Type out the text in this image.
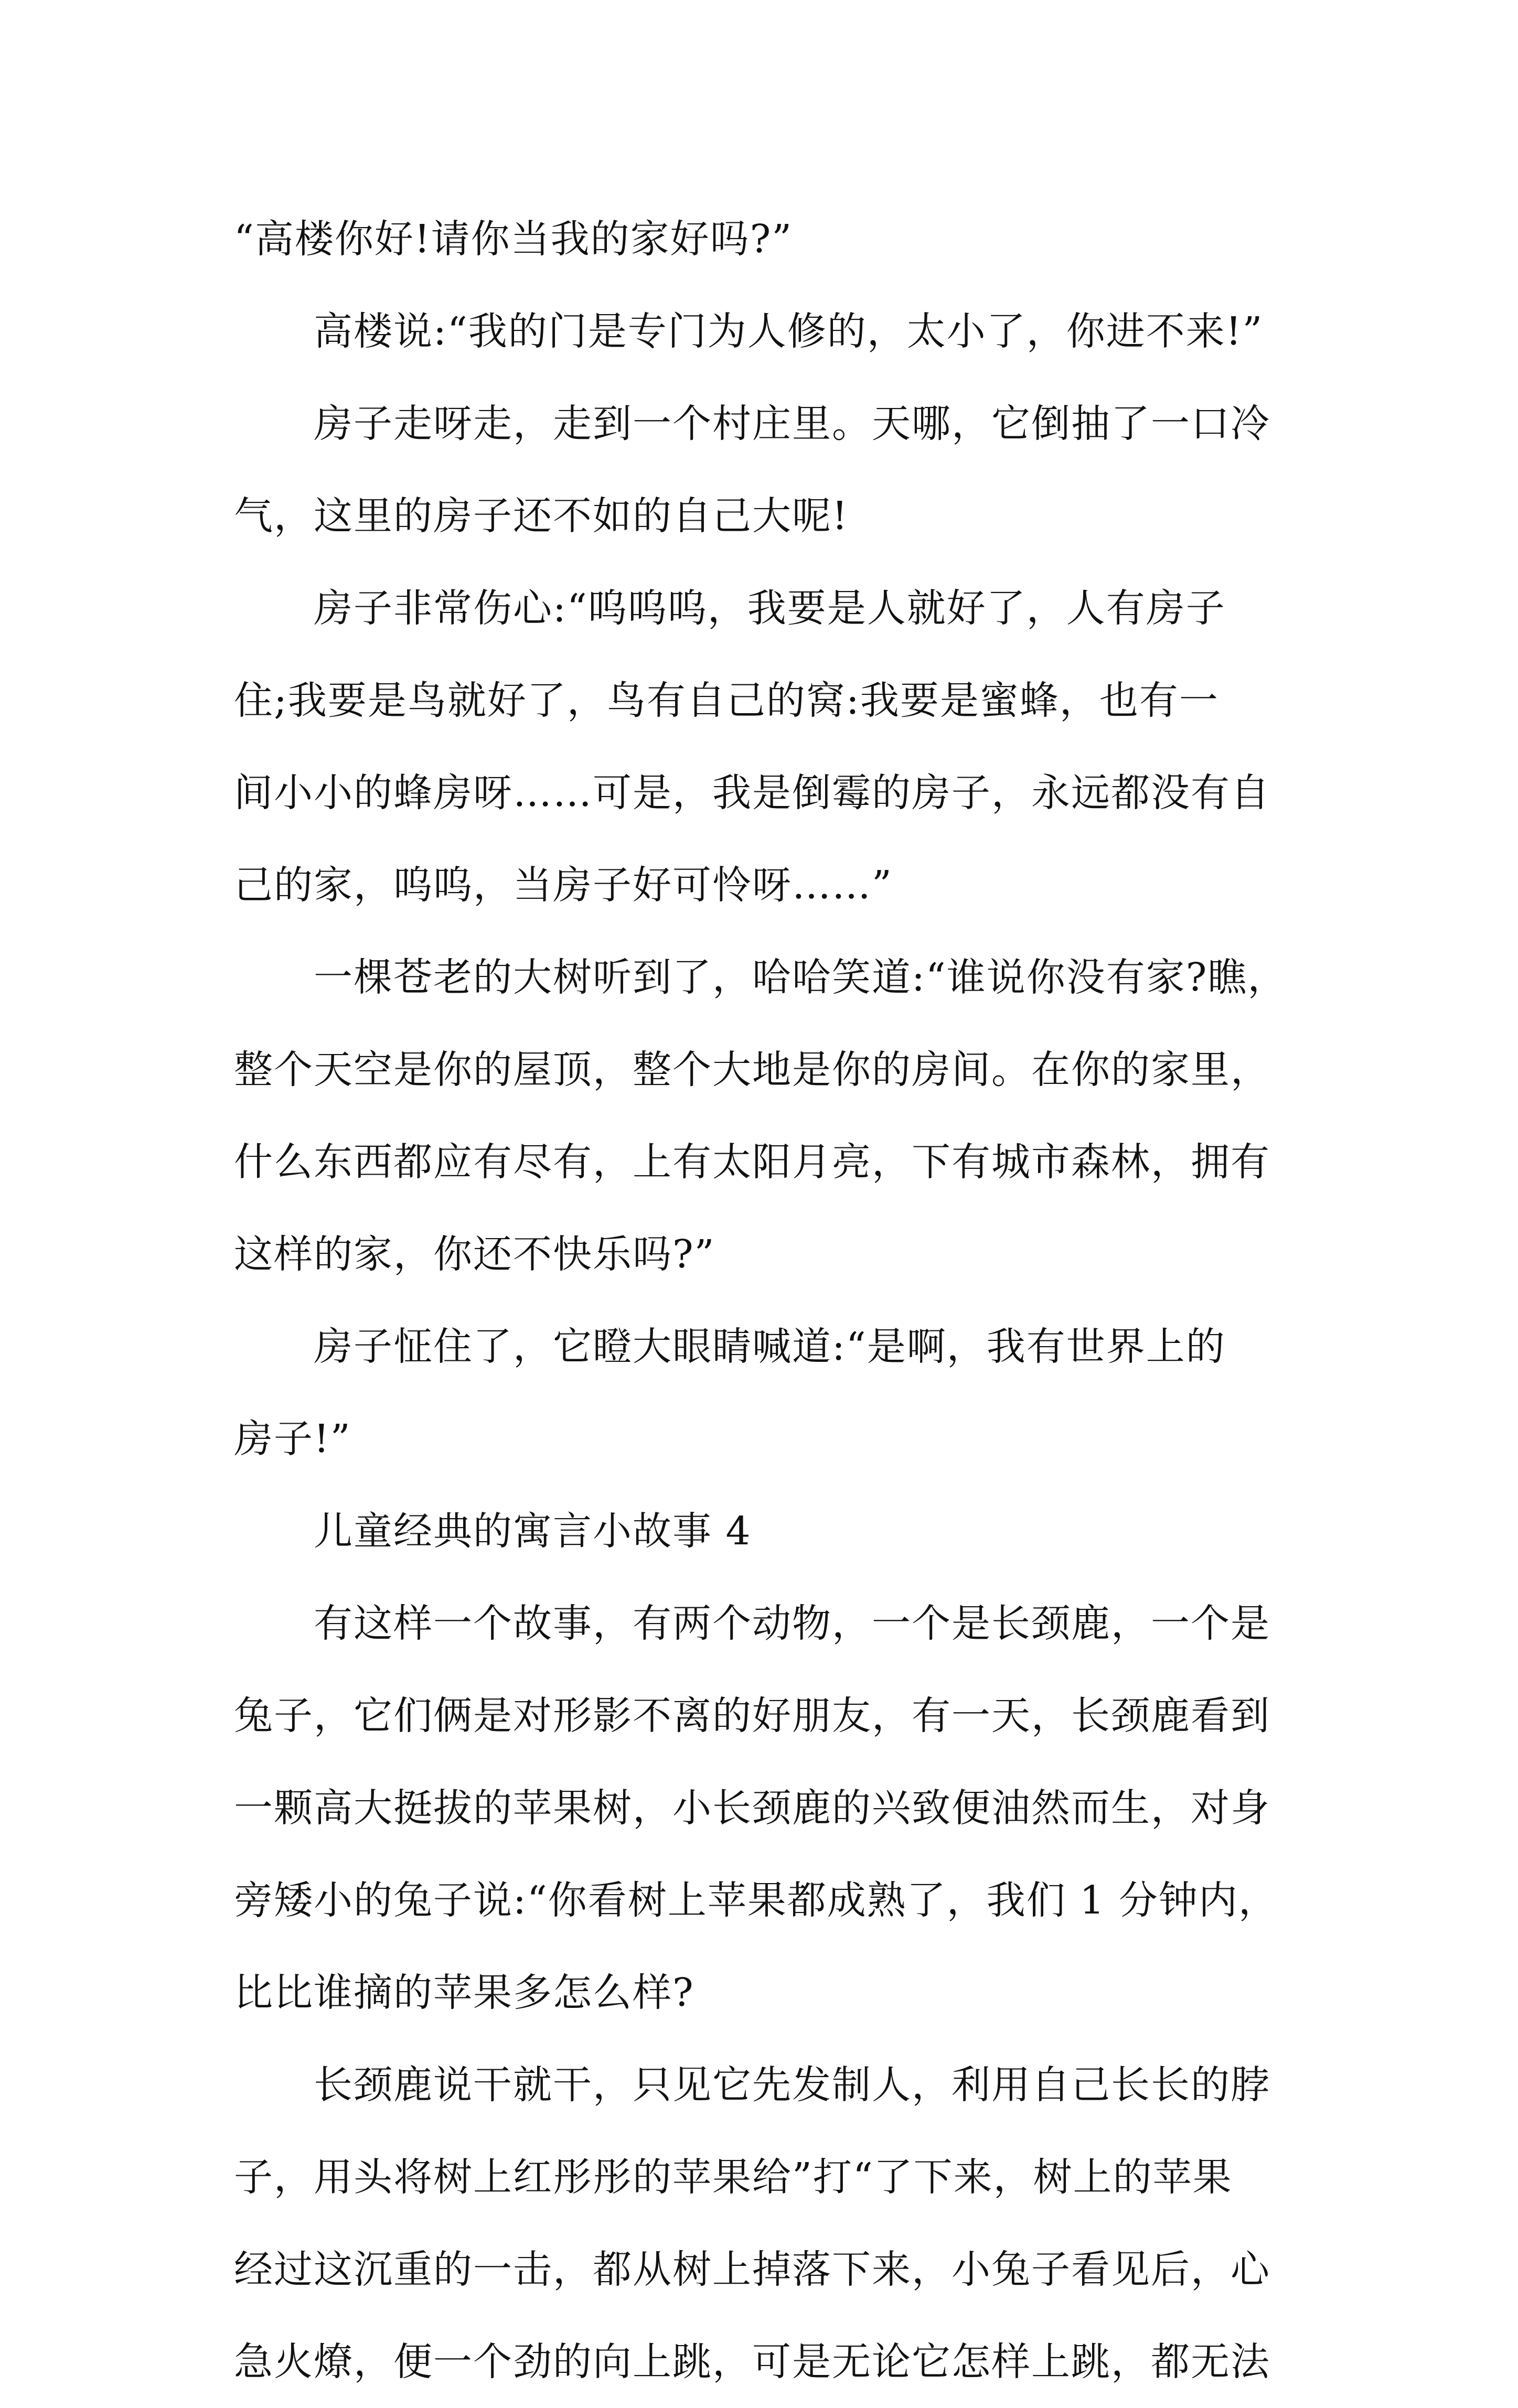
“高楼你好!请你当我的家好吗?”
高楼说:“我的门是专门为人修的，太小了，你进不来!”
房子走呀走，走到一个村庄里。天哪，它倒抽了一口冷
气，这里的房子还不如的自己大呢!
房子非常伤心:“呜呜呜，我要是人就好了，人有房子
住;我要是鸟就好了，鸟有自己的窝:我要是蜜蜂，也有一
间小小的蜂房呀……可是，我是倒霉的房子，永远都没有自
己的家，呜呜，当房子好可怜呀……”
一棵苍老的大树听到了，哈哈笑道:“谁说你没有家?瞧，
整个天空是你的屋顶，整个大地是你的房间。在你的家里，
什么东西都应有尽有，上有太阳月亮，下有城市森林，拥有
这样的家，你还不快乐吗?”
房子怔住了，它瞪大眼睛喊道:“是啊，我有世界上的
房子!”
儿童经典的寓言小故事 4
有这样一个故事，有两个动物，一个是长颈鹿，一个是
兔子，它们俩是对形影不离的好朋友，有一天，长颈鹿看到
一颗高大挺拔的苹果树，小长颈鹿的兴致便油然而生，对身
旁矮小的兔子说:“你看树上苹果都成熟了，我们 1 分钟内，
比比谁摘的苹果多怎么样?
长颈鹿说干就干，只见它先发制人，利用自己长长的脖
子，用头将树上红彤彤的苹果给”打“了下来，树上的苹果
经过这沉重的一击，都从树上掉落下来，小兔子看见后，心
急火燎，便一个劲的向上跳，可是无论它怎样上跳，都无法
